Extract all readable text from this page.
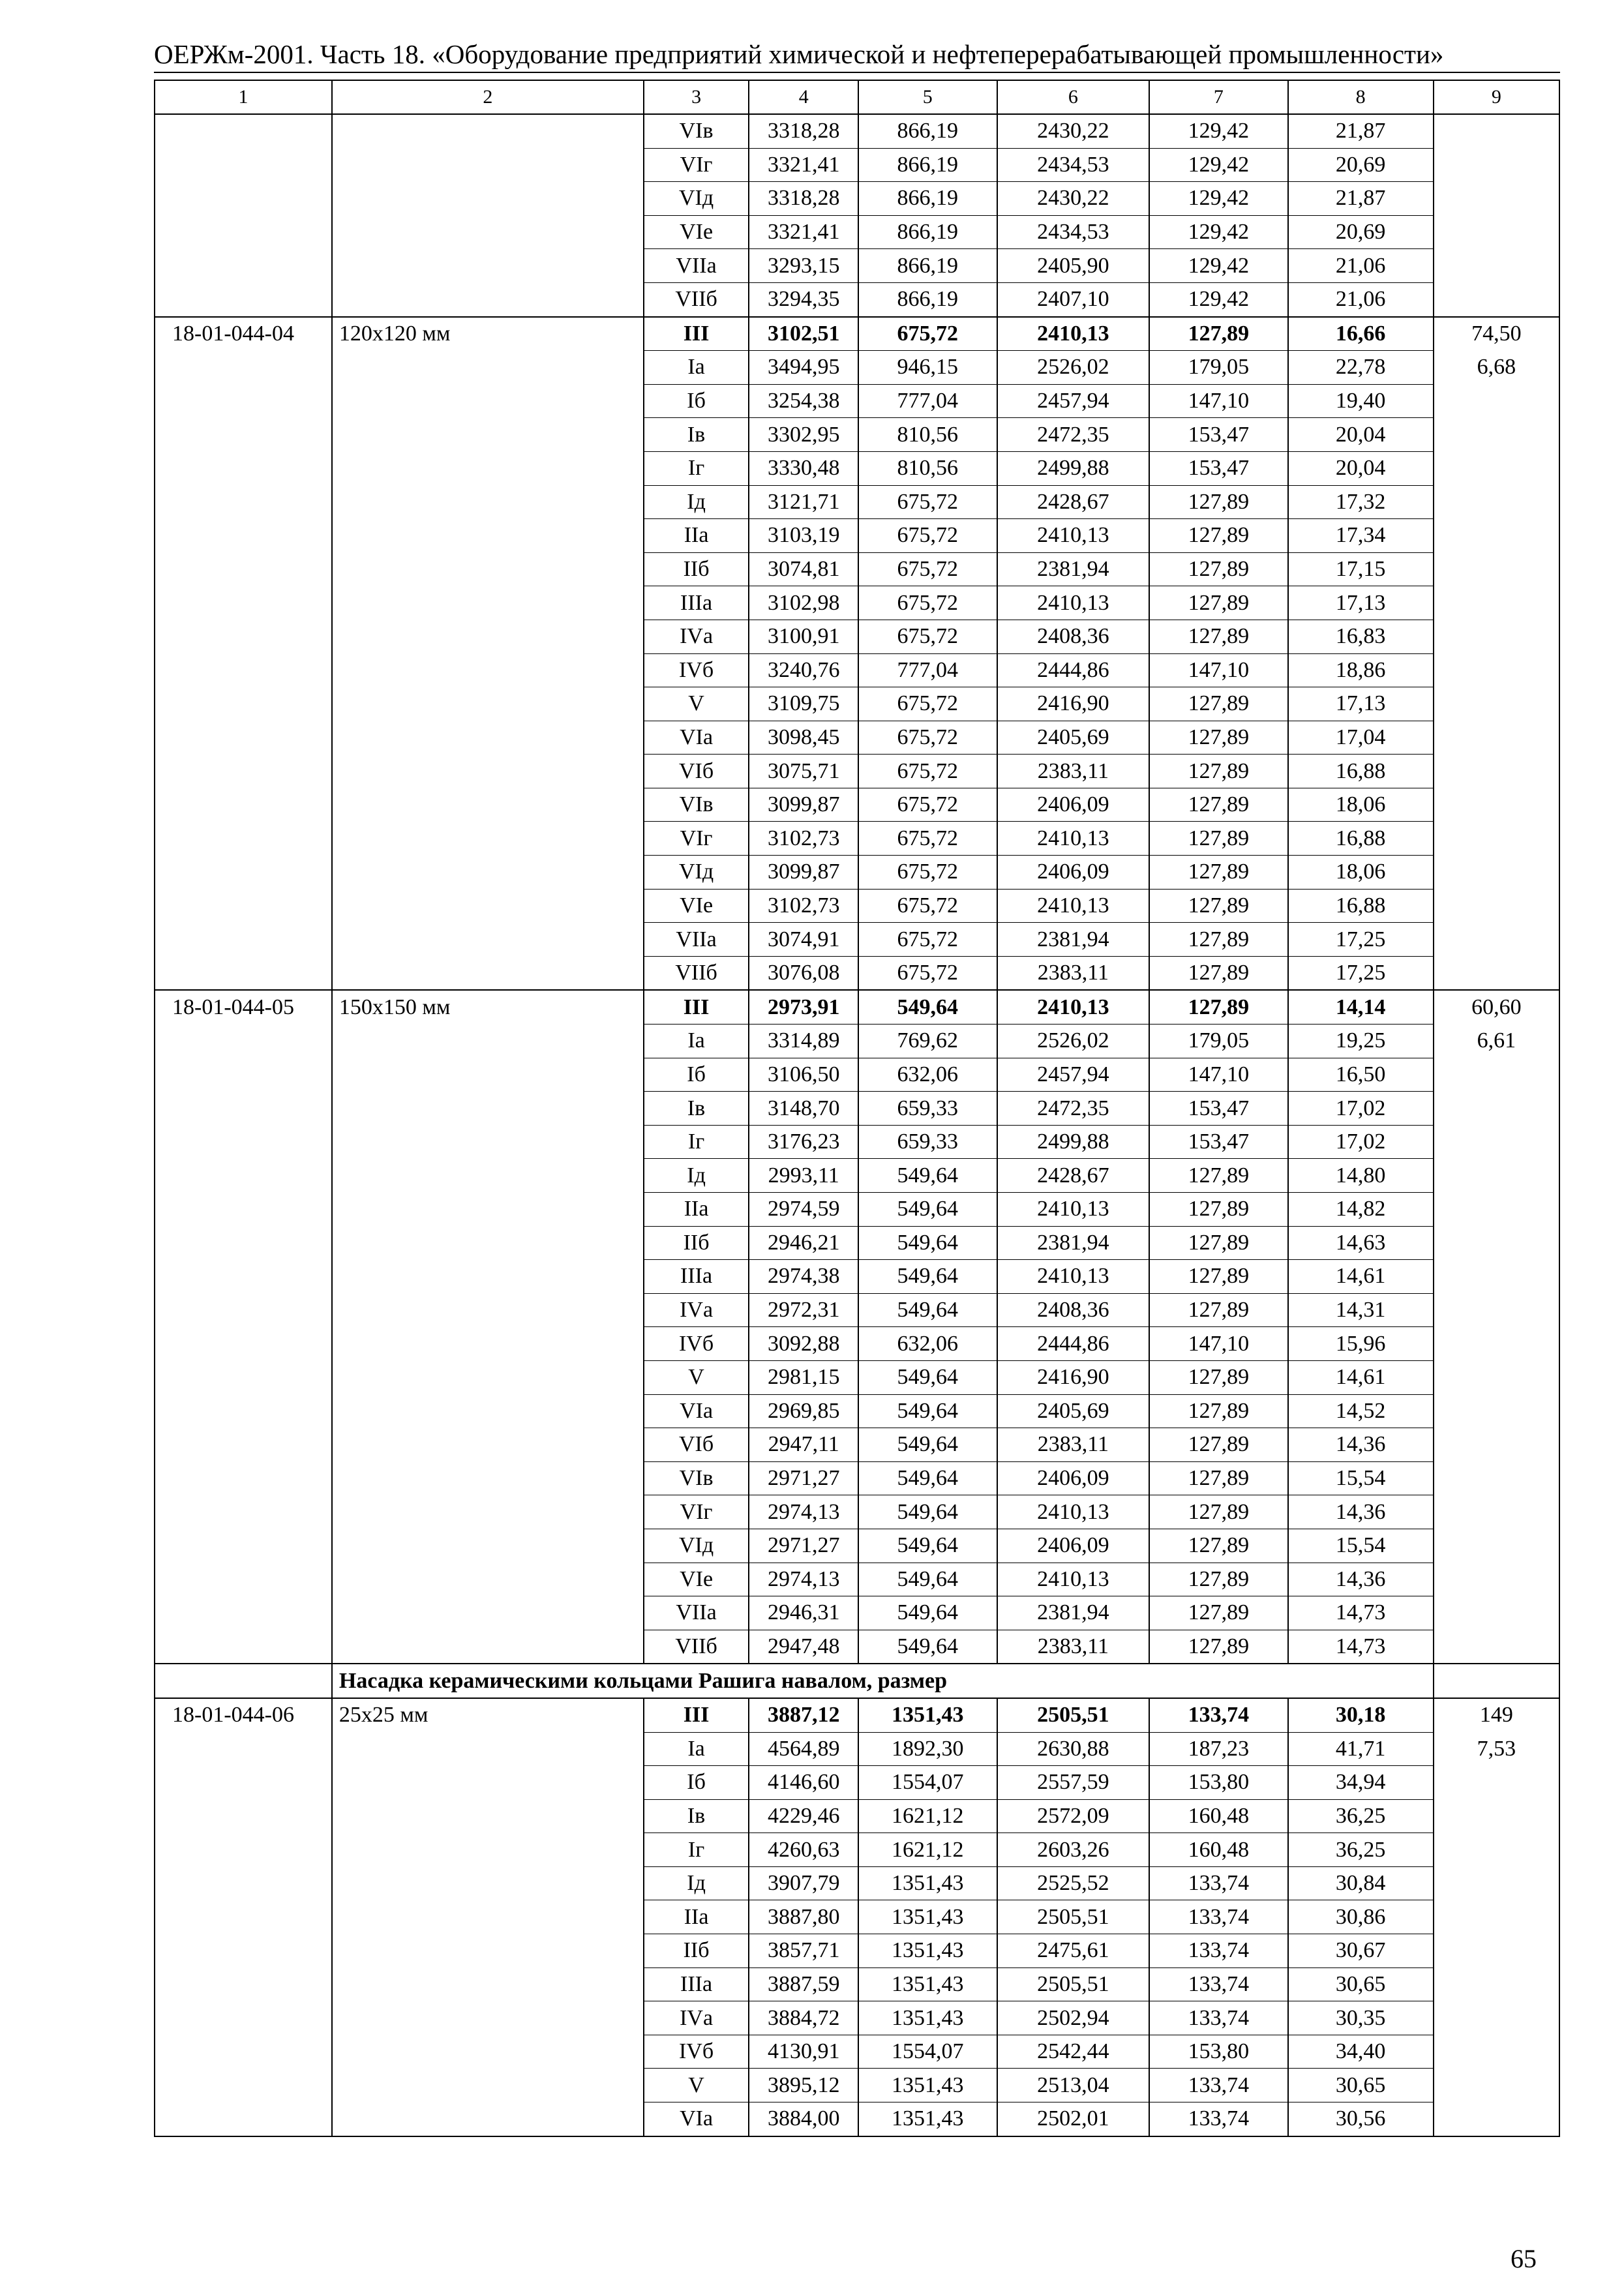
ОЕРЖм-2001. Часть 18. «Оборудование предприятий химической и нефтеперерабатывающей промышленности»
1	2	3	4	5	6	7	8	9
		VIв	3318,28	866,19	2430,22	129,42	21,87	
		VIг	3321,41	866,19	2434,53	129,42	20,69	
		VIд	3318,28	866,19	2430,22	129,42	21,87	
		VIе	3321,41	866,19	2434,53	129,42	20,69	
		VIIа	3293,15	866,19	2405,90	129,42	21,06	
		VIIб	3294,35	866,19	2407,10	129,42	21,06	
18-01-044-04	120х120 мм	III	3102,51	675,72	2410,13	127,89	16,66	74,50
		Iа	3494,95	946,15	2526,02	179,05	22,78	6,68
		Iб	3254,38	777,04	2457,94	147,10	19,40	
		Iв	3302,95	810,56	2472,35	153,47	20,04	
		Iг	3330,48	810,56	2499,88	153,47	20,04	
		Iд	3121,71	675,72	2428,67	127,89	17,32	
		IIа	3103,19	675,72	2410,13	127,89	17,34	
		IIб	3074,81	675,72	2381,94	127,89	17,15	
		IIIа	3102,98	675,72	2410,13	127,89	17,13	
		IVа	3100,91	675,72	2408,36	127,89	16,83	
		IVб	3240,76	777,04	2444,86	147,10	18,86	
		V	3109,75	675,72	2416,90	127,89	17,13	
		VIа	3098,45	675,72	2405,69	127,89	17,04	
		VIб	3075,71	675,72	2383,11	127,89	16,88	
		VIв	3099,87	675,72	2406,09	127,89	18,06	
		VIг	3102,73	675,72	2410,13	127,89	16,88	
		VIд	3099,87	675,72	2406,09	127,89	18,06	
		VIе	3102,73	675,72	2410,13	127,89	16,88	
		VIIа	3074,91	675,72	2381,94	127,89	17,25	
		VIIб	3076,08	675,72	2383,11	127,89	17,25	
18-01-044-05	150х150 мм	III	2973,91	549,64	2410,13	127,89	14,14	60,60
		Iа	3314,89	769,62	2526,02	179,05	19,25	6,61
		Iб	3106,50	632,06	2457,94	147,10	16,50	
		Iв	3148,70	659,33	2472,35	153,47	17,02	
		Iг	3176,23	659,33	2499,88	153,47	17,02	
		Iд	2993,11	549,64	2428,67	127,89	14,80	
		IIа	2974,59	549,64	2410,13	127,89	14,82	
		IIб	2946,21	549,64	2381,94	127,89	14,63	
		IIIа	2974,38	549,64	2410,13	127,89	14,61	
		IVа	2972,31	549,64	2408,36	127,89	14,31	
		IVб	3092,88	632,06	2444,86	147,10	15,96	
		V	2981,15	549,64	2416,90	127,89	14,61	
		VIа	2969,85	549,64	2405,69	127,89	14,52	
		VIб	2947,11	549,64	2383,11	127,89	14,36	
		VIв	2971,27	549,64	2406,09	127,89	15,54	
		VIг	2974,13	549,64	2410,13	127,89	14,36	
		VIд	2971,27	549,64	2406,09	127,89	15,54	
		VIе	2974,13	549,64	2410,13	127,89	14,36	
		VIIа	2946,31	549,64	2381,94	127,89	14,73	
		VIIб	2947,48	549,64	2383,11	127,89	14,73	
	Насадка керамическими кольцами Рашига навалом, размер							
18-01-044-06	25х25 мм	III	3887,12	1351,43	2505,51	133,74	30,18	149
		Iа	4564,89	1892,30	2630,88	187,23	41,71	7,53
		Iб	4146,60	1554,07	2557,59	153,80	34,94	
		Iв	4229,46	1621,12	2572,09	160,48	36,25	
		Iг	4260,63	1621,12	2603,26	160,48	36,25	
		Iд	3907,79	1351,43	2525,52	133,74	30,84	
		IIа	3887,80	1351,43	2505,51	133,74	30,86	
		IIб	3857,71	1351,43	2475,61	133,74	30,67	
		IIIа	3887,59	1351,43	2505,51	133,74	30,65	
		IVа	3884,72	1351,43	2502,94	133,74	30,35	
		IVб	4130,91	1554,07	2542,44	153,80	34,40	
		V	3895,12	1351,43	2513,04	133,74	30,65	
		VIа	3884,00	1351,43	2502,01	133,74	30,56	
65
